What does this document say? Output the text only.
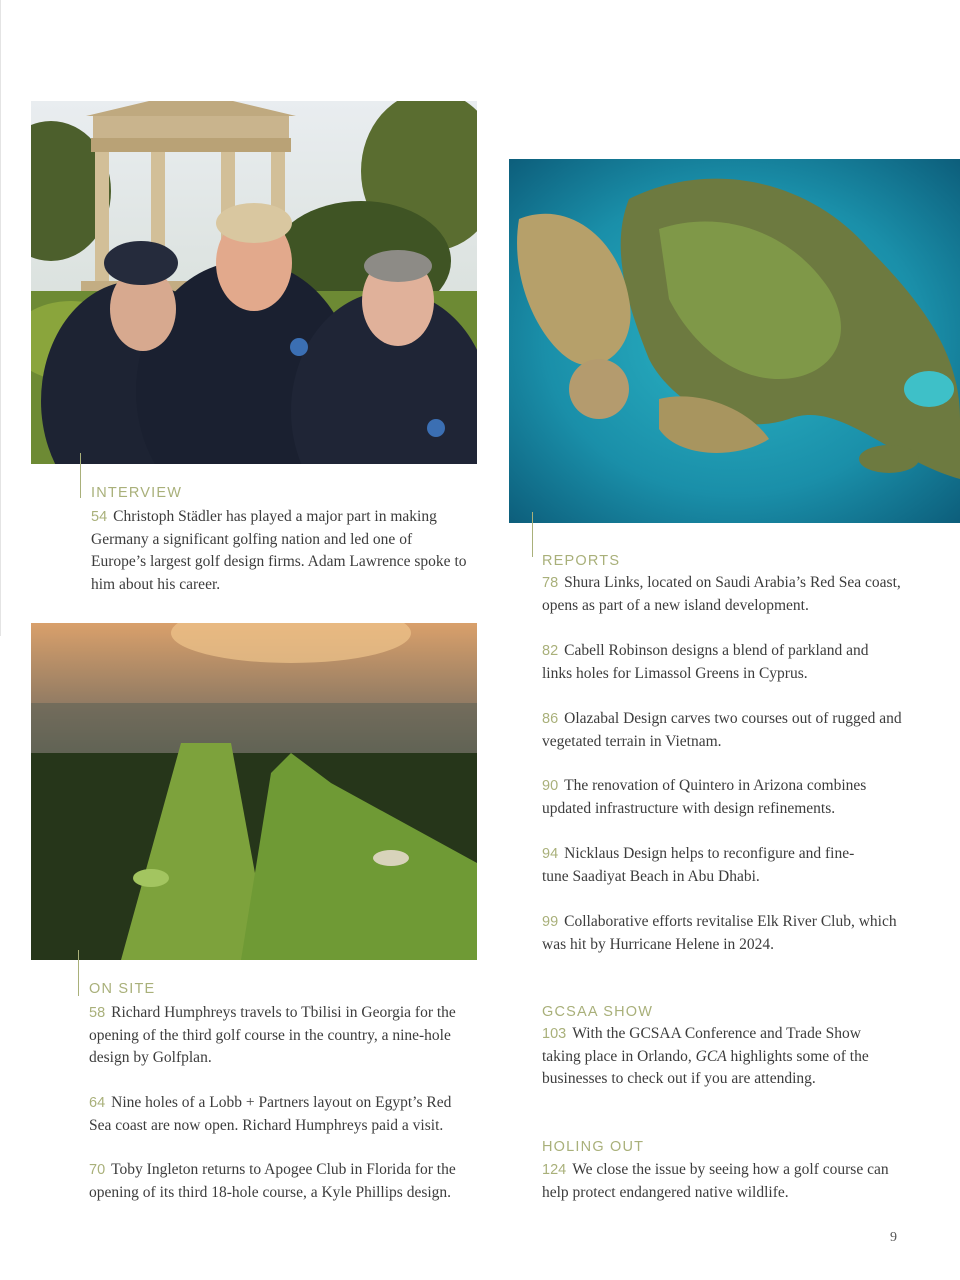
INTERVIEW
54 Christoph Städler has played a major part in making Germany a significant golfing nation and led one of Europe’s largest golf design firms. Adam Lawrence spoke to him about his career.
ON SITE
58 Richard Humphreys travels to Tbilisi in Georgia for the opening of the third golf course in the country, a nine-hole design by Golfplan.
64 Nine holes of a Lobb + Partners layout on Egypt’s Red Sea coast are now open. Richard Humphreys paid a visit.
70 Toby Ingleton returns to Apogee Club in Florida for the opening of its third 18-hole course, a Kyle Phillips design.
REPORTS
78 Shura Links, located on Saudi Arabia’s Red Sea coast, opens as part of a new island development.
82 Cabell Robinson designs a blend of parkland and links holes for Limassol Greens in Cyprus.
86 Olazabal Design carves two courses out of rugged and vegetated terrain in Vietnam.
90 The renovation of Quintero in Arizona combines updated infrastructure with design refinements.
94 Nicklaus Design helps to reconfigure and fine-tune Saadiyat Beach in Abu Dhabi.
99 Collaborative efforts revitalise Elk River Club, which was hit by Hurricane Helene in 2024.
GCSAA SHOW
103 With the GCSAA Conference and Trade Show taking place in Orlando, GCA highlights some of the businesses to check out if you are attending.
HOLING OUT
124 We close the issue by seeing how a golf course can help protect endangered native wildlife.
9
